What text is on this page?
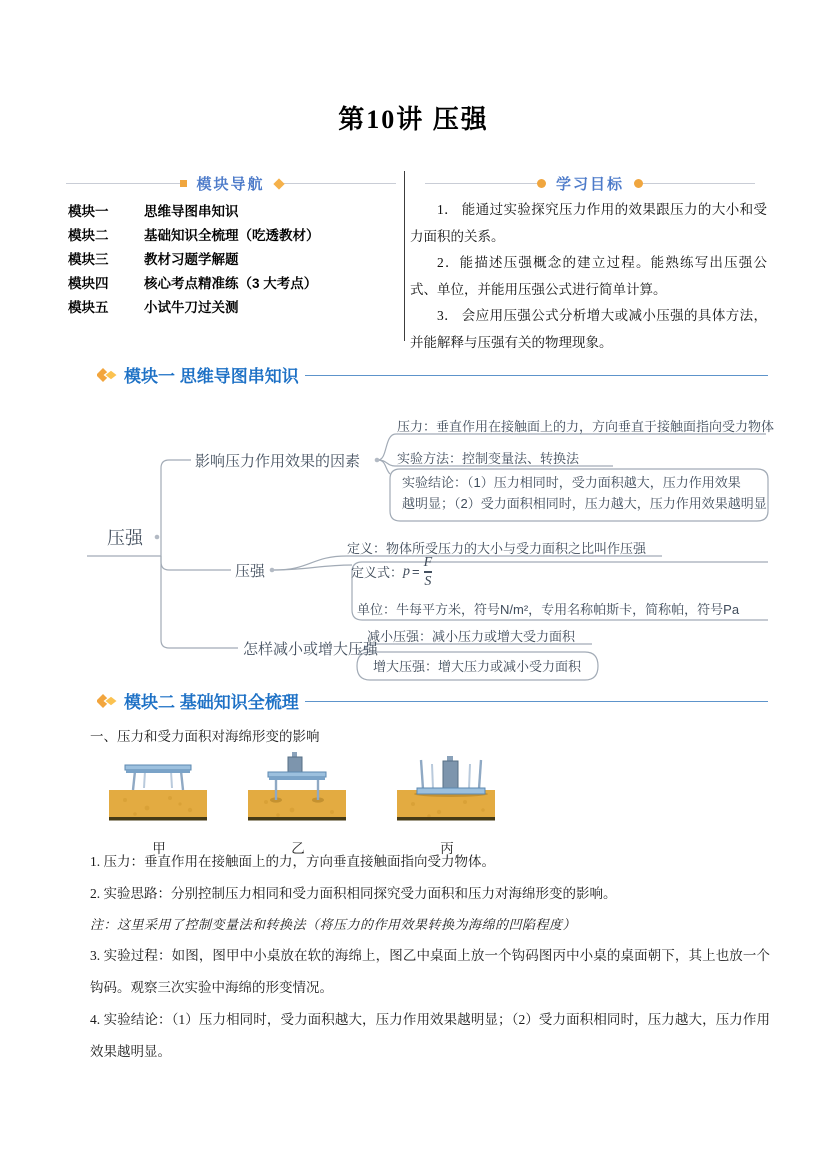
第10讲 压强
模块导航	学习目标
模块一	思维导图串知识
模块二	基础知识全梳理（吃透教材）
模块三	教材习题学解题
模块四	核心考点精准练（3 大考点）
模块五	小试牛刀过关测

1． 能通过实验探究压力作用的效果跟压力的大小和受力面积的关系。

2．能描述压强概念的建立过程。能熟练写出压强公式、单位，并能用压强公式进行简单计算。

3． 会应用压强公式分析增大或减小压强的具体方法，并能解释与压强有关的物理现象。

模块一 思维导图串知识
压强
影响压力作用效果的因素
压强
怎样减小或增大压强
压力：垂直作用在接触面上的力，方向垂直于接触面指向受力物体
实验方法：控制变量法、转换法
实验结论：（1）压力相同时，受力面积越大，压力作用效果
越明显；（2）受力面积相同时，压力越大，压力作用效果越明显
定义：物体所受压力的大小与受力面积之比叫作压强
定义式： $p = \frac{F}{S}$
单位：牛每平方米，符号N/m²，专用名称帕斯卡，简称帕，符号Pa
减小压强：减小压力或增大受力面积
增大压强：增大压力或减小受力面积
模块二 基础知识全梳理
一、压力和受力面积对海绵形变的影响
甲	乙	丙

1. 压力：垂直作用在接触面上的力，方向垂直接触面指向受力物体。

2. 实验思路：分别控制压力相同和受力面积相同探究受力面积和压力对海绵形变的影响。

注：这里采用了控制变量法和转换法（将压力的作用效果转换为海绵的凹陷程度）

3. 实验过程：如图，图甲中小桌放在软的海绵上，图乙中桌面上放一个钩码图丙中小桌的桌面朝下，其上也放一个钩码。观察三次实验中海绵的形变情况。

4. 实验结论：（1）压力相同时，受力面积越大，压力作用效果越明显；（2）受力面积相同时，压力越大，压力作用效果越明显。
